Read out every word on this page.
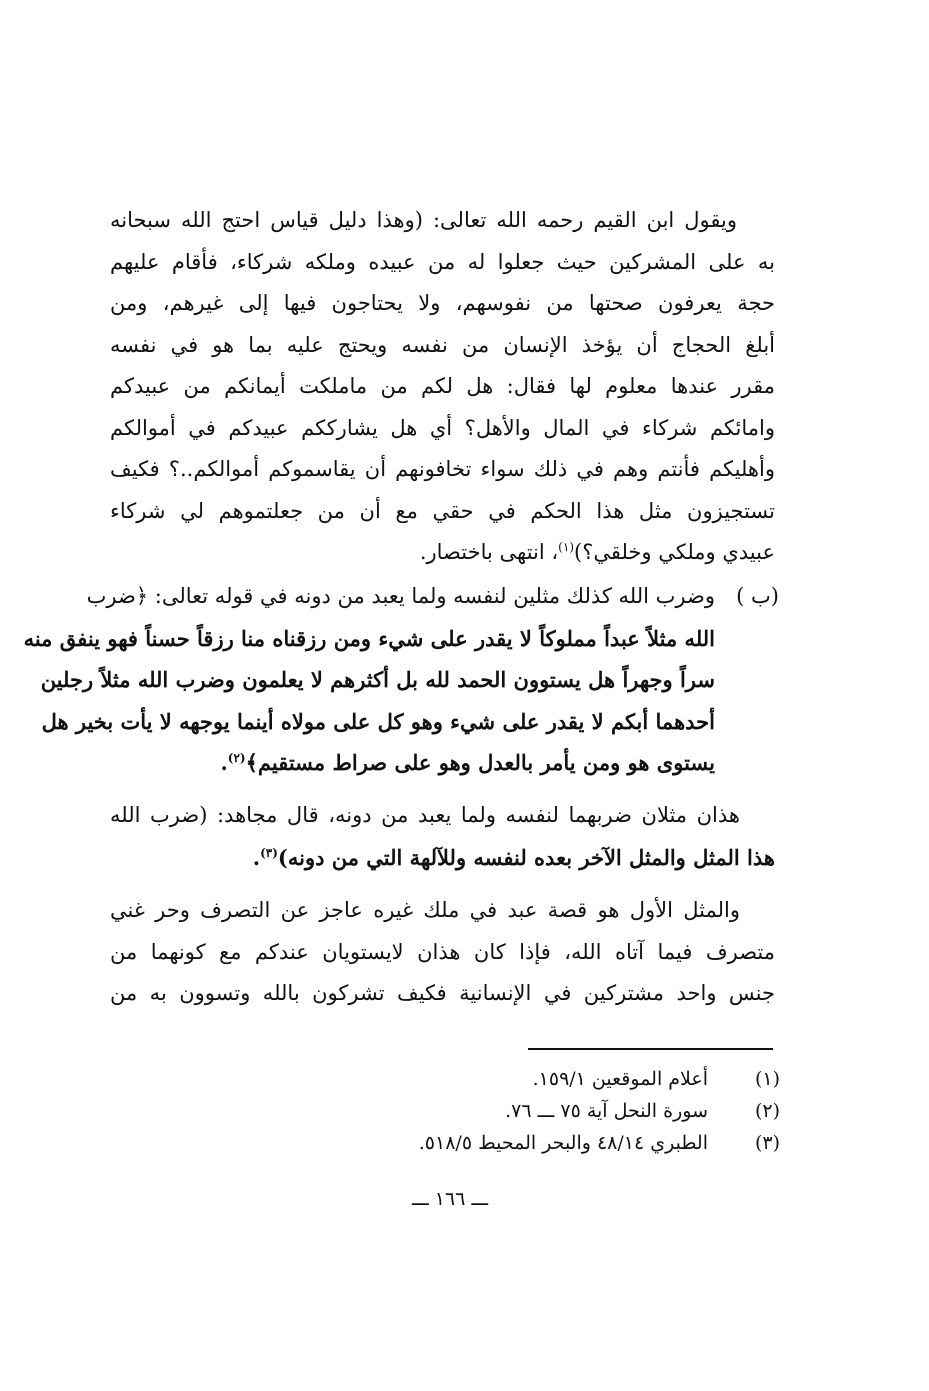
ويقول ابن القيم رحمه الله تعالى: (وهذا دليل قياس احتج الله سبحانه
به على المشركين حيث جعلوا له من عبيده وملكه شركاء، فأقام عليهم
حجة يعرفون صحتها من نفوسهم، ولا يحتاجون فيها إلى غيرهم، ومن
أبلغ الحجاج أن يؤخذ الإنسان من نفسه ويحتج عليه بما هو في نفسه
مقرر عندها معلوم لها فقال: هل لكم من ماملكت أيمانكم من عبيدكم
وامائكم شركاء في المال والأهل؟ أي هل يشارككم عبيدكم في أموالكم
وأهليكم فأنتم وهم في ذلك سواء تخافونهم أن يقاسموكم أموالكم..؟ فكيف
تستجيزون مثل هذا الحكم في حقي مع أن من جعلتموهم لي شركاء
عبيدي وملكي وخلقي؟)$^{(١)}$، انتهى باختصار.
(ب )
وضرب الله كذلك مثلين لنفسه ولما يعبد من دونه في قوله تعالى: ﴿ضرب
الله مثلاً عبداً مملوكاً لا يقدر على شيء ومن رزقناه منا رزقاً حسناً فهو ينفق منه
سراً وجهراً هل يستوون الحمد لله بل أكثرهم لا يعلمون وضرب الله مثلاً رجلين
أحدهما أبكم لا يقدر على شيء وهو كل على مولاه أينما يوجهه لا يأت بخير هل
يستوى هو ومن يأمر بالعدل وهو على صراط مستقيم﴾$^{(٢)}$.
هذان مثلان ضربهما لنفسه ولما يعبد من دونه، قال مجاهد: (ضرب الله
هذا المثل والمثل الآخر بعده لنفسه وللآلهة التي من دونه)$^{(٣)}$.
والمثل الأول هو قصة عبد في ملك غيره عاجز عن التصرف وحر غني
متصرف فيما آتاه الله، فإذا كان هذان لايستويان عندكم مع كونهما من
جنس واحد مشتركين في الإنسانية فكيف تشركون بالله وتسوون به من
(١)
أعلام الموقعين ١٥٩/١.
(٢)
سورة النحل آية ٧٥ ـــ ٧٦.
(٣)
الطبري ٤٨/١٤ والبحر المحيط ٥١٨/٥.
ـــ ١٦٦ ـــ
